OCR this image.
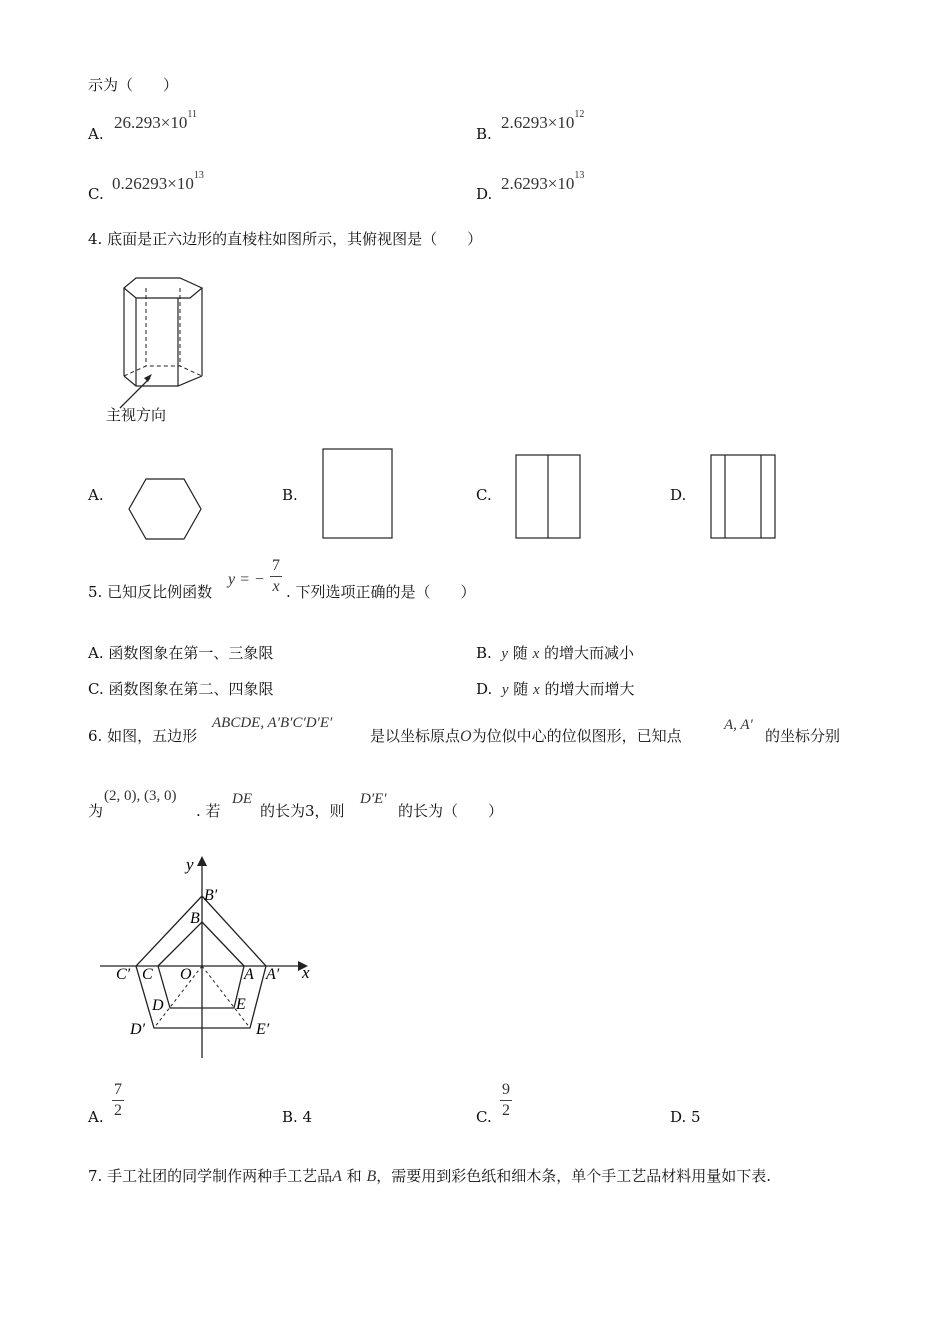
示为（　　）
A.
$26.293\times 10^{11}$
B.
$2.6293\times 10^{12}$
C.
$0.26293\times 10^{13}$
D.
$2.6293\times 10^{13}$
4. 底面是正六边形的直棱柱如图所示，其俯视图是（　　）
主视方向
A.	B.	C.	D.
5. 已知反比例函数
y = −
7
x . 下列选项正确的是（　　）
A. 函数图象在第一、三象限	B. y 随 x 的增大而减小
C. 函数图象在第二、四象限	D. y 随 x 的增大而增大
6. 如图，五边形
ABCDE, A′B′C′D′E′
是以坐标原点O为位似中心的位似图形，已知点
A, A′
的坐标分别
为
(2, 0), (3, 0)
. 若
DE
的长为3，则
D′E′
的长为（　　）
y
x
B′
B
C′ C O	A A′
D	E
D′	E′
A.
7
2	B. 4	C.
9
2	D. 5
7. 手工社团的同学制作两种手工艺品A 和 B，需要用到彩色纸和细木条，单个手工艺品材料用量如下表.
